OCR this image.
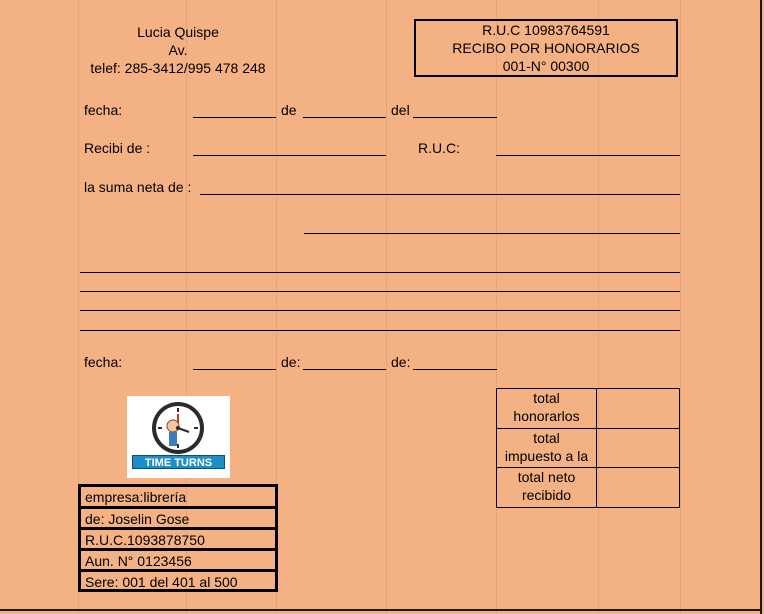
Lucia Quispe
Av.
telef: 285-3412/995 478 248
R.U.C 10983764591
RECIBO POR HONORARIOS
001-N° 00300
fecha:	de	del
Recibi de :	R.U.C:
la suma neta de :
fecha:	de:	de:
TIME TURNS
total
honorarlos
total
impuesto a la
total neto
recibido
empresa:librería
de: Joselin Gose
R.U.C.1093878750
Aun. N° 0123456
Sere: 001 del 401 al 500
